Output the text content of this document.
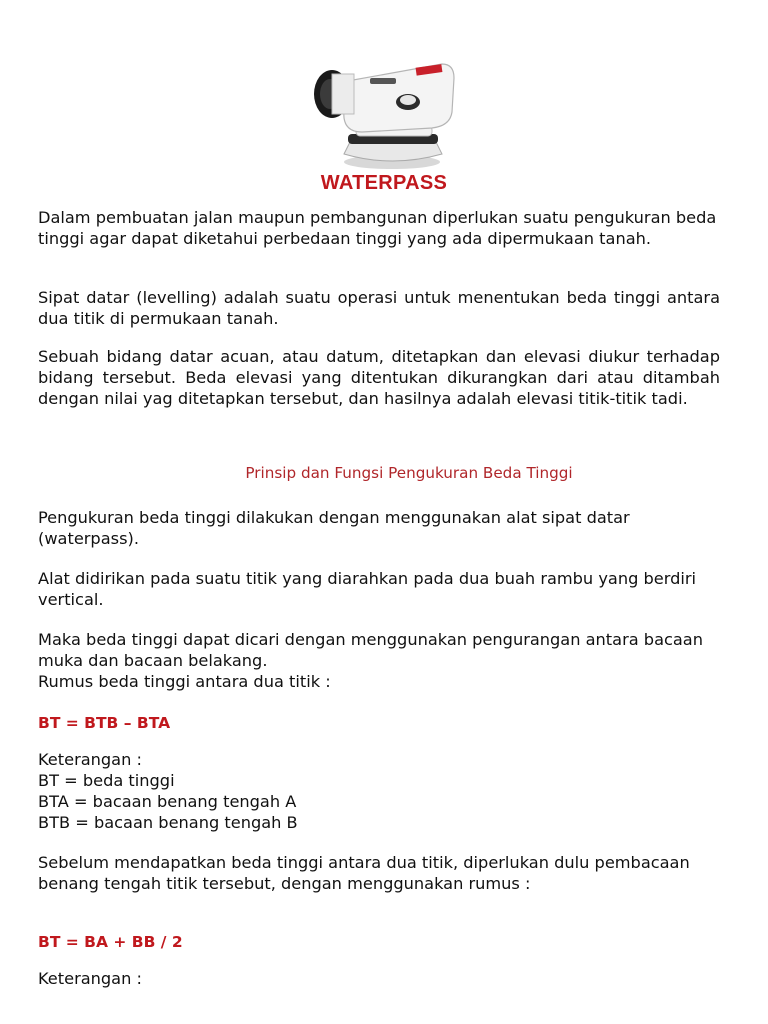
WATERPASS

Dalam pembuatan jalan maupun pembangunan diperlukan suatu pengukuran beda tinggi agar dapat diketahui perbedaan tinggi yang ada dipermukaan tanah.

Sipat datar (levelling) adalah suatu operasi untuk menentukan beda tinggi antara dua titik di permukaan tanah.

Sebuah bidang datar acuan, atau datum, ditetapkan dan elevasi diukur terhadap bidang tersebut. Beda elevasi yang ditentukan dikurangkan dari atau ditambah dengan nilai yag ditetapkan tersebut, dan hasilnya adalah elevasi titik-titik tadi.

Prinsip dan Fungsi Pengukuran Beda Tinggi

Pengukuran beda tinggi dilakukan dengan menggunakan alat sipat datar (waterpass).

Alat didirikan pada suatu titik yang diarahkan pada dua buah rambu yang berdiri vertical.

Maka beda tinggi dapat dicari dengan menggunakan pengurangan antara bacaan muka dan bacaan belakang.
Rumus beda tinggi antara dua titik :

BT = BTB – BTA

Keterangan :
BT = beda tinggi
BTA = bacaan benang tengah A
BTB = bacaan benang tengah B

Sebelum mendapatkan beda tinggi antara dua titik, diperlukan dulu pembacaan benang tengah titik tersebut, dengan menggunakan rumus :

BT = BA + BB / 2

Keterangan :
